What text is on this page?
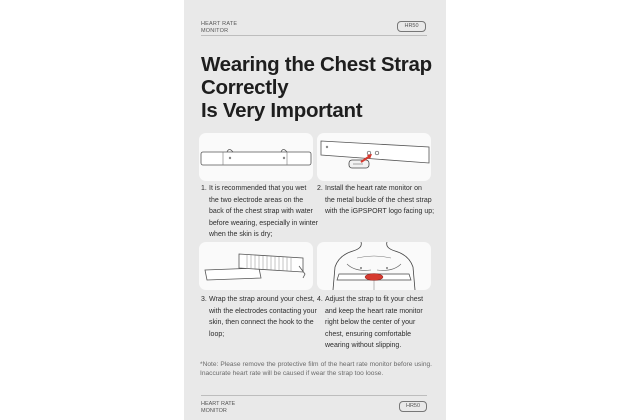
HEART RATE
MONITOR
HR50
Wearing the Chest Strap
Correctly
Is Very Important
1. It is recommended that you wet
the two electrode areas on the
back of the chest strap with water
before wearing, especially in winter
when the skin is dry;
2. Install the heart rate monitor on
the metal buckle of the chest strap
with the iGPSPORT logo facing up;
3. Wrap the strap around your chest,
with the electrodes contacting your
skin, then connect the hook to the
loop;
4. Adjust the strap to fit your chest
and keep the heart rate monitor
right below the center of your
chest, ensuring comfortable
wearing without slipping.
*Note: Please remove the protective film of the heart rate monitor before using. Inaccurate heart rate will be caused if wear the strap too loose.
HEART RATE
MONITOR
HR50
